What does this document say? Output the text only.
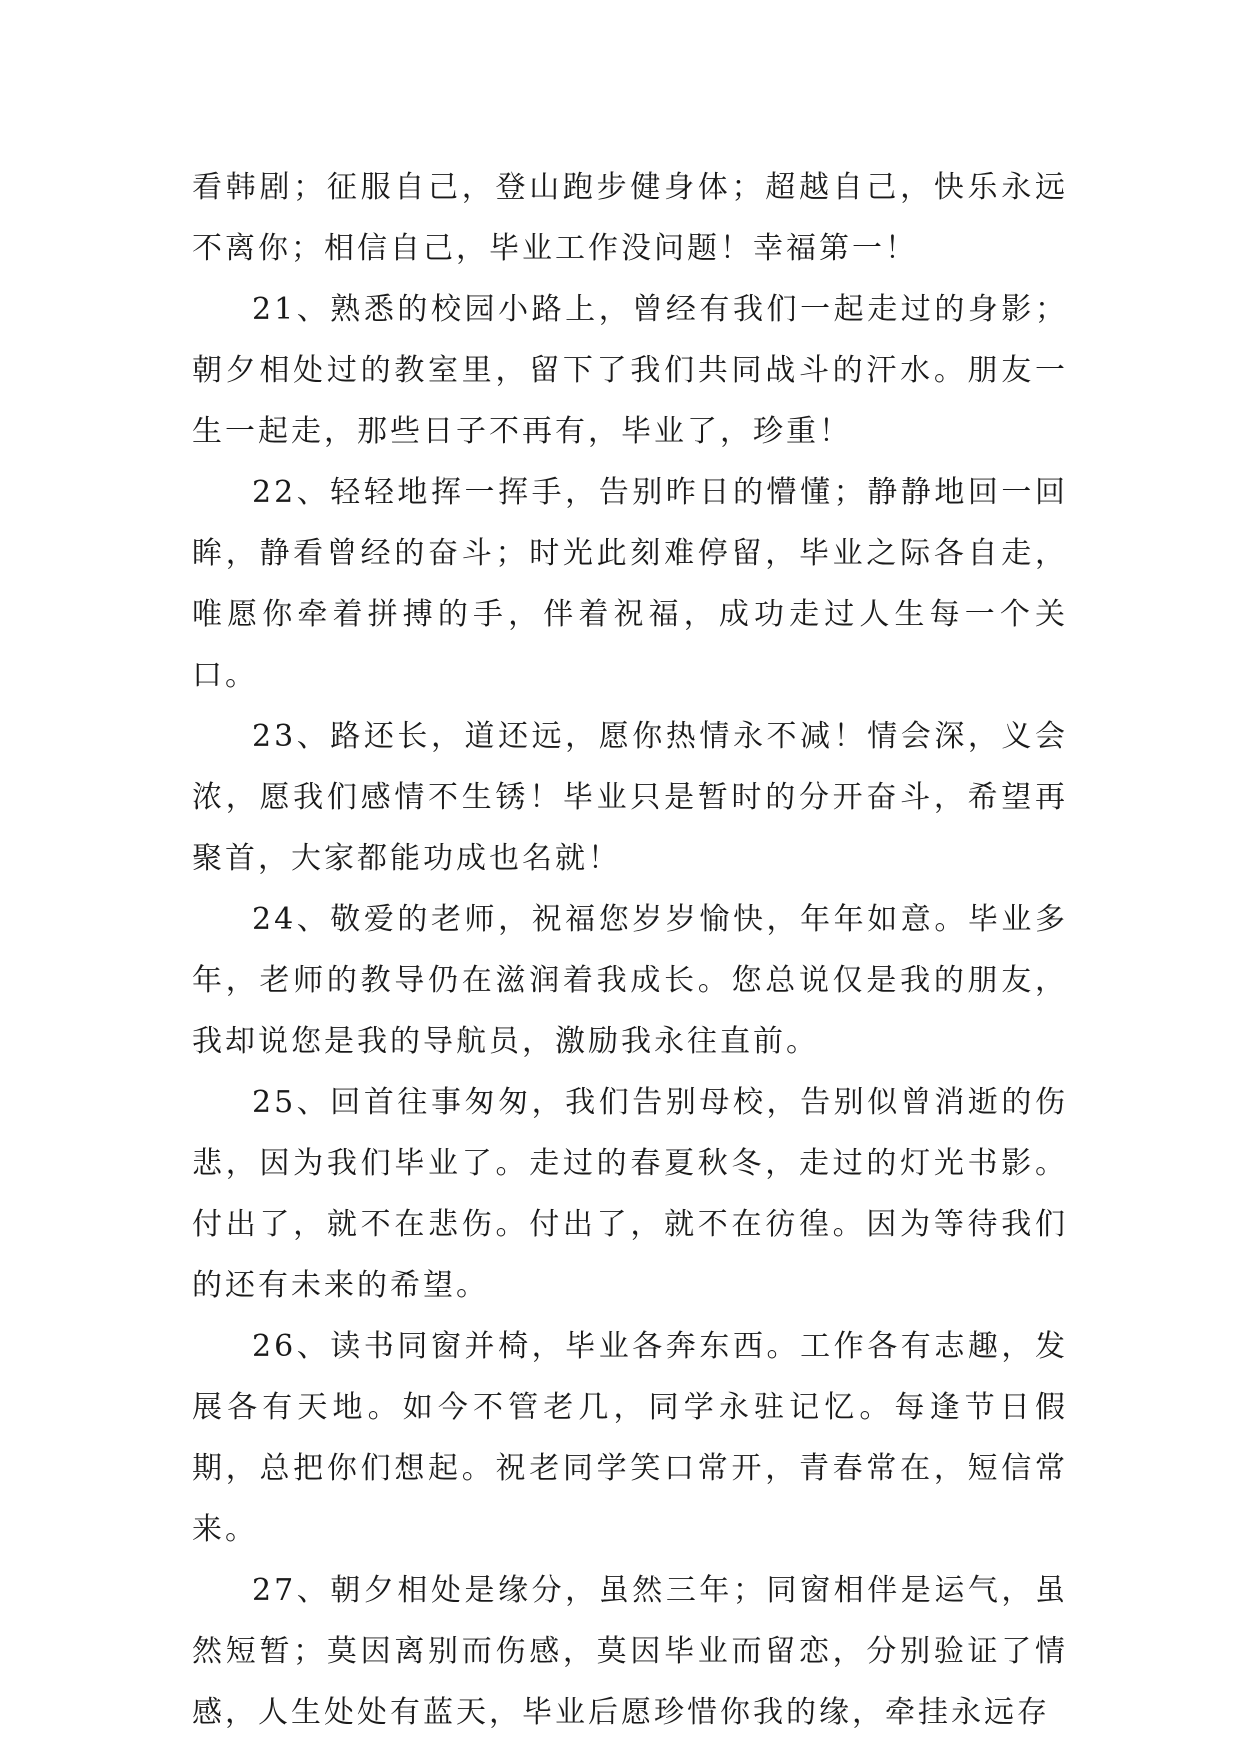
看韩剧；征服自己，登山跑步健身体；超越自己，快乐永远不离你；相信自己，毕业工作没问题！幸福第一！

21、熟悉的校园小路上，曾经有我们一起走过的身影；朝夕相处过的教室里，留下了我们共同战斗的汗水。朋友一生一起走，那些日子不再有，毕业了，珍重！

22、轻轻地挥一挥手，告别昨日的懵懂；静静地回一回眸，静看曾经的奋斗；时光此刻难停留，毕业之际各自走，唯愿你牵着拼搏的手，伴着祝福，成功走过人生每一个关口。

23、路还长，道还远，愿你热情永不减！情会深，义会浓，愿我们感情不生锈！毕业只是暂时的分开奋斗，希望再聚首，大家都能功成也名就！

24、敬爱的老师，祝福您岁岁愉快，年年如意。毕业多年，老师的教导仍在滋润着我成长。您总说仅是我的朋友，我却说您是我的导航员，激励我永往直前。

25、回首往事匆匆，我们告别母校，告别似曾消逝的伤悲，因为我们毕业了。走过的春夏秋冬，走过的灯光书影。付出了，就不在悲伤。付出了，就不在彷徨。因为等待我们的还有未来的希望。

26、读书同窗并椅，毕业各奔东西。工作各有志趣，发展各有天地。如今不管老几，同学永驻记忆。每逢节日假期，总把你们想起。祝老同学笑口常开，青春常在，短信常来。

27、朝夕相处是缘分，虽然三年；同窗相伴是运气，虽然短暂；莫因离别而伤感，莫因毕业而留恋，分别验证了情感，人生处处有蓝天，毕业后愿珍惜你我的缘，牵挂永远存
